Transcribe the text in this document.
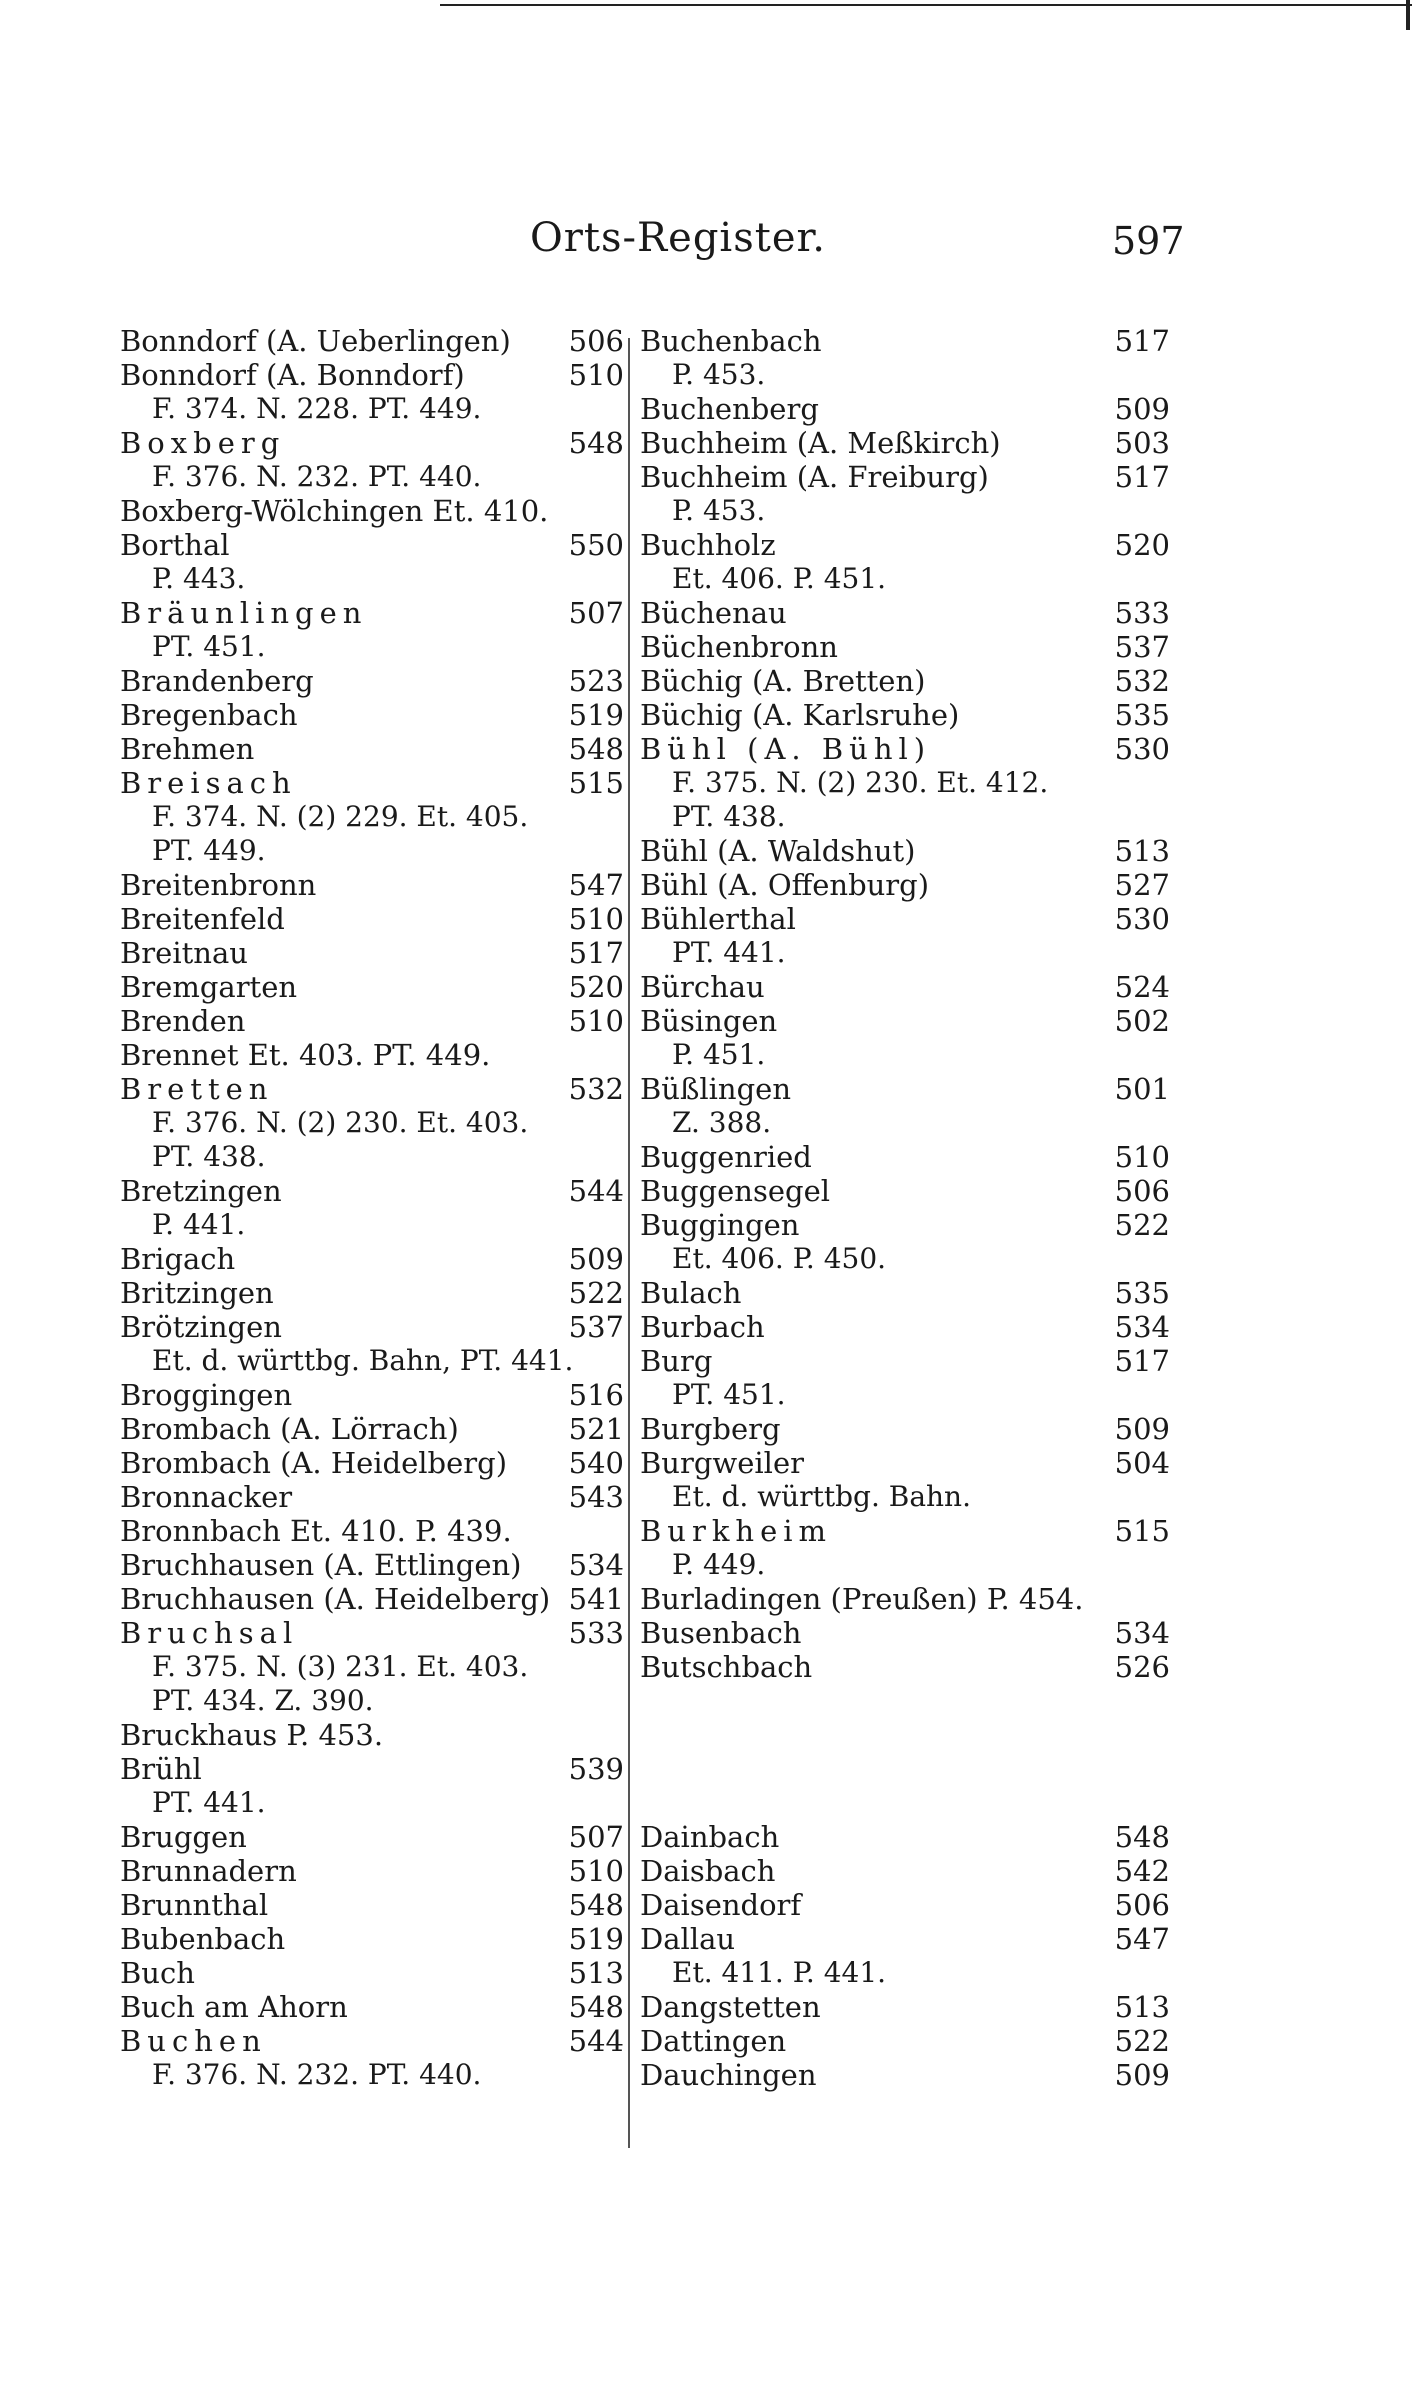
Orts-Register.	597
Bonndorf (A. Ueberlingen) 506
Bonndorf (A. Bonndorf)	510
F. 374. N. 228. PT. 449.
Boxberg	548
F. 376. N. 232. PT. 440.
Boxberg-Wölchingen Et. 410.
Borthal	550
P. 443.
Bräunlingen	507
PT. 451.
Brandenberg	523
Bregenbach	519
Brehmen	548
Breisach	515
F. 374. N. (2) 229. Et. 405.
PT. 449.
Breitenbronn	547
Breitenfeld	510
Breitnau	517
Bremgarten	520
Brenden	510
Brennet Et. 403. PT. 449.
Bretten	532
F. 376. N. (2) 230. Et. 403.
PT. 438.
Bretzingen	544
P. 441.
Brigach	509
Britzingen	522
Brötzingen	537
Et. d. württbg. Bahn, PT. 441.
Broggingen	516
Brombach (A. Lörrach)	521
Brombach (A. Heidelberg) 540
Bronnacker	543
Bronnbach Et. 410. P. 439.
Bruchhausen (A. Ettlingen) 534
Bruchhausen (A. Heidelberg) 541
Bruchsal	533
F. 375. N. (3) 231. Et. 403.
PT. 434. Z. 390.
Bruckhaus P. 453.
Brühl	539
PT. 441.
Bruggen	507
Brunnadern	510
Brunnthal	548
Bubenbach	519
Buch	513
Buch am Ahorn	548
Buchen	544
F. 376. N. 232. PT. 440.
Buchenbach	517
P. 453.
Buchenberg	509
Buchheim (A. Meßkirch)	503
Buchheim (A. Freiburg)	517
P. 453.
Buchholz	520
Et. 406. P. 451.
Büchenau	533
Büchenbronn	537
Büchig (A. Bretten)	532
Büchig (A. Karlsruhe)	535
Bühl (A. Bühl)	530
F. 375. N. (2) 230. Et. 412.
PT. 438.
Bühl (A. Waldshut)	513
Bühl (A. Offenburg)	527
Bühlerthal	530
PT. 441.
Bürchau	524
Büsingen	502
P. 451.
Büßlingen	501
Z. 388.
Buggenried	510
Buggensegel	506
Buggingen	522
Et. 406. P. 450.
Bulach	535
Burbach	534
Burg	517
PT. 451.
Burgberg	509
Burgweiler	504
Et. d. württbg. Bahn.
Burkheim	515
P. 449.
Burladingen (Preußen) P. 454.
Busenbach	534
Butschbach	526
Dainbach	548
Daisbach	542
Daisendorf	506
Dallau	547
Et. 411. P. 441.
Dangstetten	513
Dattingen	522
Dauchingen	509
